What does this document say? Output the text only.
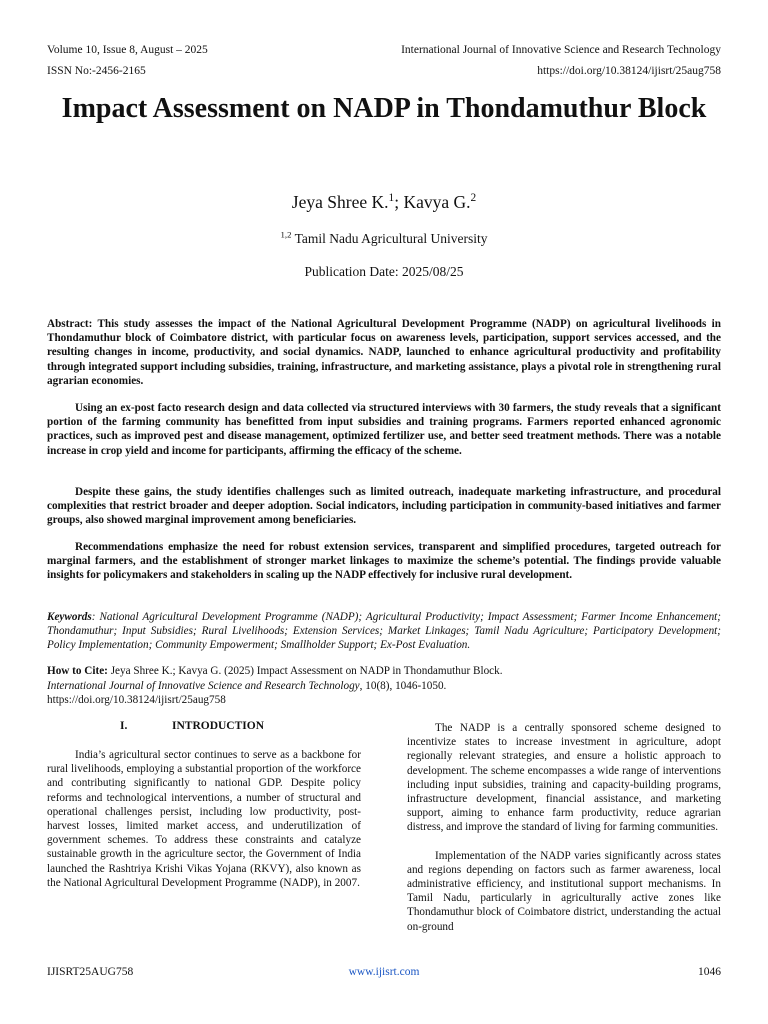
Volume 10, Issue 8, August – 2025	International Journal of Innovative Science and Research Technology
ISSN No:-2456-2165	https://doi.org/10.38124/ijisrt/25aug758
Impact Assessment on NADP in Thondamuthur Block
Jeya Shree K.$^1$; Kavya G.$^2$
$^{1,2}$ Tamil Nadu Agricultural University
Publication Date: 2025/08/25

Abstract: This study assesses the impact of the National Agricultural Development Programme (NADP) on agricultural livelihoods in Thondamuthur block of Coimbatore district, with particular focus on awareness levels, participation, support services accessed, and the resulting changes in income, productivity, and social dynamics. NADP, launched to enhance agricultural productivity and profitability through integrated support including subsidies, training, infrastructure, and marketing assistance, plays a pivotal role in strengthening rural agrarian economies.

Using an ex-post facto research design and data collected via structured interviews with 30 farmers, the study reveals that a significant portion of the farming community has benefitted from input subsidies and training programs. Farmers reported enhanced agronomic practices, such as improved pest and disease management, optimized fertilizer use, and better seed treatment methods. There was a notable increase in crop yield and income for participants, affirming the efficacy of the scheme.

Despite these gains, the study identifies challenges such as limited outreach, inadequate marketing infrastructure, and procedural complexities that restrict broader and deeper adoption. Social indicators, including participation in community-based initiatives and farmer groups, also showed marginal improvement among beneficiaries.

Recommendations emphasize the need for robust extension services, transparent and simplified procedures, targeted outreach for marginal farmers, and the establishment of stronger market linkages to maximize the scheme’s potential. The findings provide valuable insights for policymakers and stakeholders in scaling up the NADP effectively for inclusive rural development.

Keywords: National Agricultural Development Programme (NADP); Agricultural Productivity; Impact Assessment; Farmer Income Enhancement; Thondamuthur; Input Subsidies; Rural Livelihoods; Extension Services; Market Linkages; Tamil Nadu Agriculture; Participatory Development; Policy Implementation; Community Empowerment; Smallholder Support; Ex-Post Evaluation.

How to Cite: Jeya Shree K.; Kavya G. (2025) Impact Assessment on NADP in Thondamuthur Block.
International Journal of Innovative Science and Research Technology, 10(8), 1046-1050.
https://doi.org/10.38124/ijisrt/25aug758
I.	INTRODUCTION

India’s agricultural sector continues to serve as a backbone for rural livelihoods, employing a substantial proportion of the workforce and contributing significantly to national GDP. Despite policy reforms and technological interventions, a number of structural and operational challenges persist, including low productivity, post-harvest losses, limited market access, and underutilization of government schemes. To address these constraints and catalyze sustainable growth in the agriculture sector, the Government of India launched the Rashtriya Krishi Vikas Yojana (RKVY), also known as the National Agricultural Development Programme (NADP), in 2007.

The NADP is a centrally sponsored scheme designed to incentivize states to increase investment in agriculture, adopt regionally relevant strategies, and ensure a holistic approach to development. The scheme encompasses a wide range of interventions including input subsidies, training and capacity-building programs, infrastructure development, financial assistance, and marketing support, aiming to enhance farm productivity, reduce agrarian distress, and improve the standard of living for farming communities.

Implementation of the NADP varies significantly across states and regions depending on factors such as farmer awareness, local administrative efficiency, and institutional support mechanisms. In Tamil Nadu, particularly in agriculturally active zones like Thondamuthur block of Coimbatore district, understanding the actual on-ground

IJISRT25AUG758	www.ijisrt.com	1046
